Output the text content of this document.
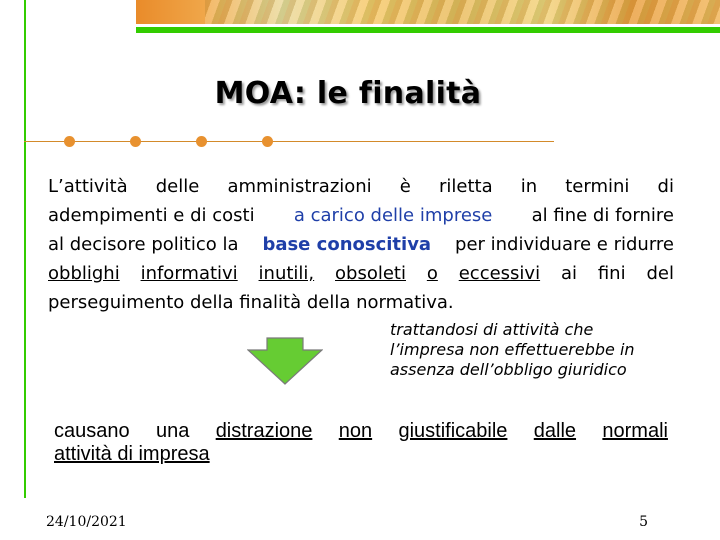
MOA: le finalità
L’attività delle amministrazioni è riletta in termini di
adempimenti e di costi a carico delle imprese al fine di fornire
al decisore politico la base conoscitiva per individuare e ridurre
obblighi informativi inutili, obsoleti o eccessivi ai fini del
perseguimento della finalità della normativa.
trattandosi di attività che
l’impresa non effettuerebbe in
assenza dell’obbligo giuridico
causano una distrazione non giustificabile dalle normali
attività di impresa
24/10/2021	5
